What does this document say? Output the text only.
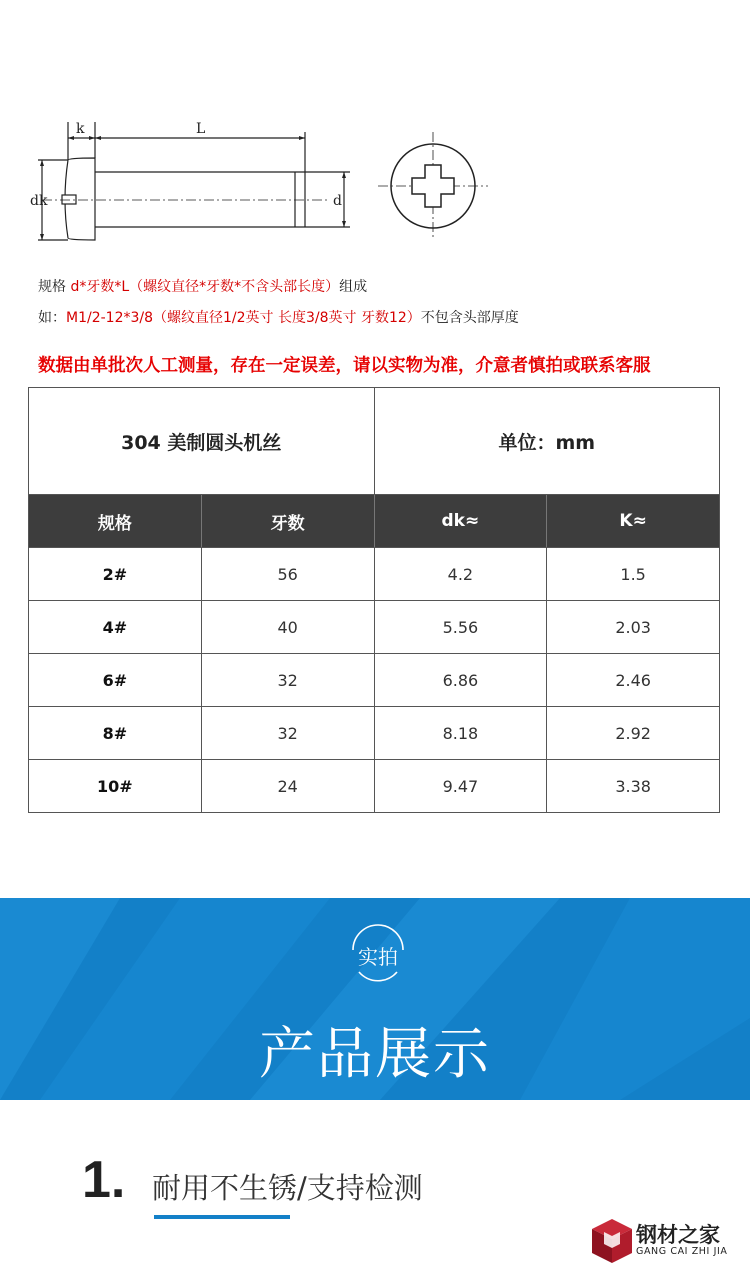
k	L
dk	d
规格 d*牙数*L（螺纹直径*牙数*不含头部长度）组成
如：M1/2-12*3/8（螺纹直径1/2英寸 长度3/8英寸 牙数12）不包含头部厚度
数据由单批次人工测量，存在一定误差，请以实物为准，介意者慎拍或联系客服
304 美制圆头机丝	单位：mm
规格	牙数	dk≈	K≈
2#	56	4.2	1.5
4#	40	5.56	2.03
6#	32	6.86	2.46
8#	32	8.18	2.92
10#	24	9.47	3.38
实拍
产品展示
1. 耐用不生锈/支持检测
钢材之家
GANG CAI ZHI JIA
